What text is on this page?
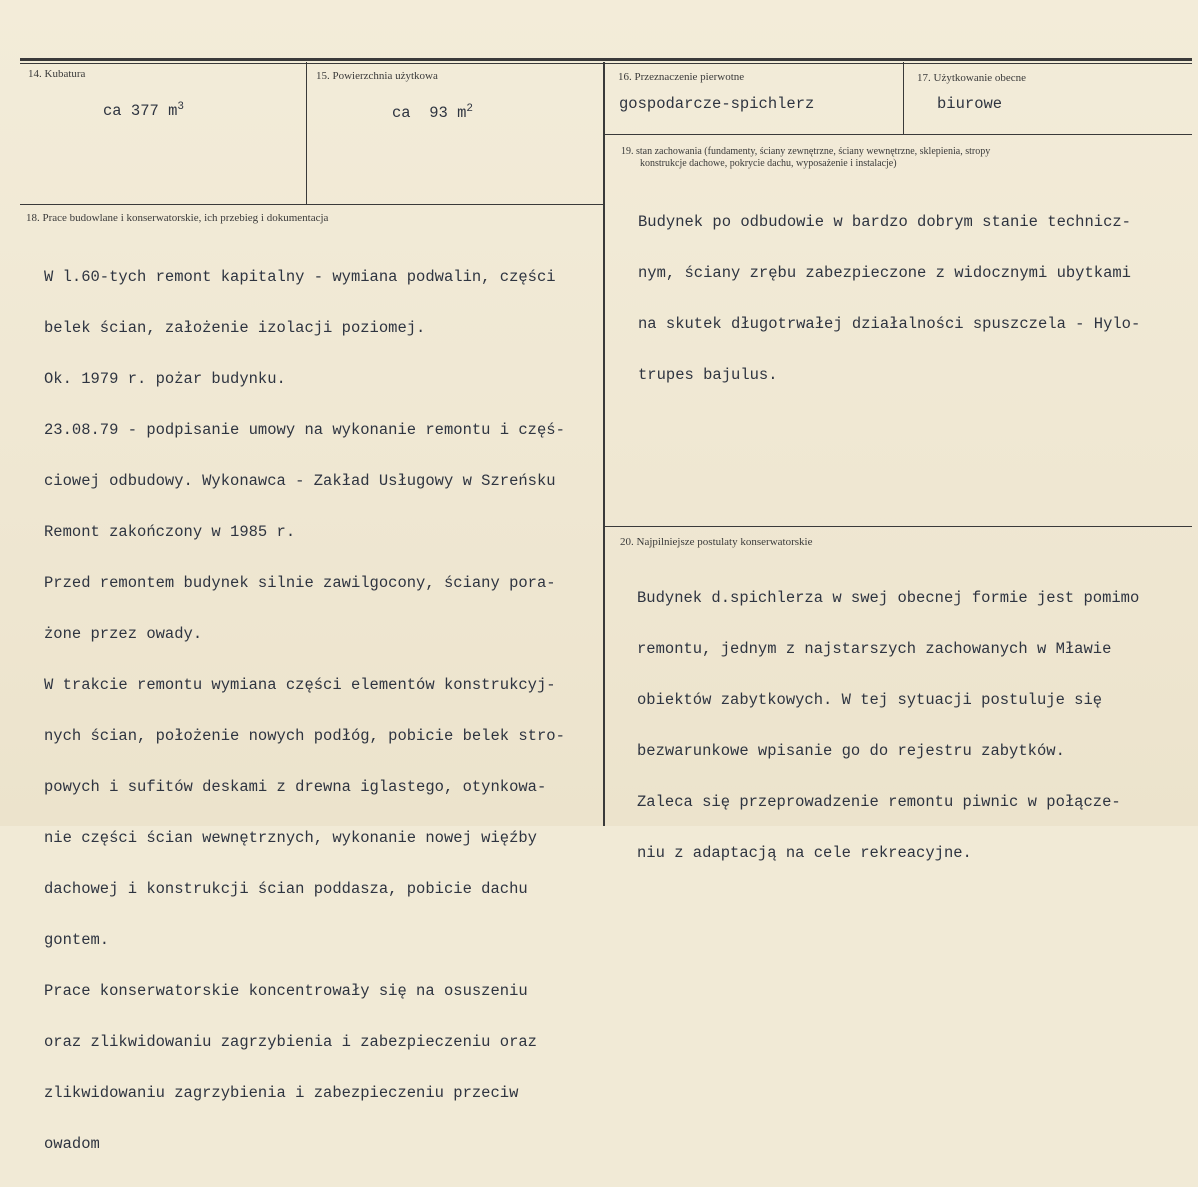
14. Kubatura
ca 377 $m^3$
15. Powierzchnia użytkowa
ca  93 $m^2$
16. Przeznaczenie pierwotne
gospodarcze-spichlerz
17. Użytkowanie obecne
biurowe
18. Prace budowlane i konserwatorskie, ich przebieg i dokumentacja

W l.60-tych remont kapitalny - wymiana podwalin, części

belek ścian, założenie izolacji poziomej.

Ok. 1979 r. pożar budynku.

23.08.79 - podpisanie umowy na wykonanie remontu i częś-

ciowej odbudowy. Wykonawca - Zakład Usługowy w Szreńsku

Remont zakończony w 1985 r.

Przed remontem budynek silnie zawilgocony, ściany pora-

żone przez owady.

W trakcie remontu wymiana części elementów konstrukcyj-

nych ścian, położenie nowych podłóg, pobicie belek stro-

powych i sufitów deskami z drewna iglastego, otynkowa-

nie części ścian wewnętrznych, wykonanie nowej więźby

dachowej i konstrukcji ścian poddasza, pobicie dachu

gontem.

Prace konserwatorskie koncentrowały się na osuszeniu

oraz zlikwidowaniu zagrzybienia i zabezpieczeniu oraz

zlikwidowaniu zagrzybienia i zabezpieczeniu przeciw

owadom

19. stan zachowania (fundamenty, ściany zewnętrzne, ściany wewnętrzne, sklepienia, stropy
konstrukcje dachowe, pokrycie dachu, wyposażenie i instalacje)

Budynek po odbudowie w bardzo dobrym stanie technicz-

nym, ściany zrębu zabezpieczone z widocznymi ubytkami

na skutek długotrwałej działalności spuszczela - Hylo-

trupes bajulus.

20. Najpilniejsze postulaty konserwatorskie

Budynek d.spichlerza w swej obecnej formie jest pomimo

remontu, jednym z najstarszych zachowanych w Mławie

obiektów zabytkowych. W tej sytuacji postuluje się

bezwarunkowe wpisanie go do rejestru zabytków.

Zaleca się przeprowadzenie remontu piwnic w połącze-

niu z adaptacją na cele rekreacyjne.
